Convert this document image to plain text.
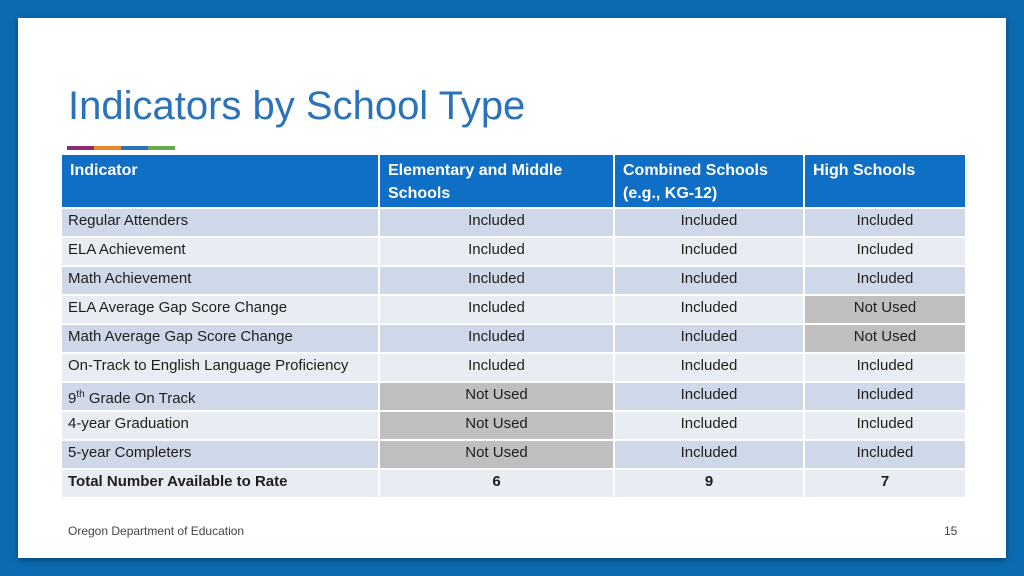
Indicators by School Type
Indicator	Elementary and Middle Schools	Combined Schools (e.g., KG-12)	High Schools
Regular Attenders	Included	Included	Included
ELA Achievement	Included	Included	Included
Math Achievement	Included	Included	Included
ELA Average Gap Score Change	Included	Included	Not Used
Math Average Gap Score Change	Included	Included	Not Used
On-Track to English Language Proficiency	Included	Included	Included
9th Grade On Track	Not Used	Included	Included
4-year Graduation	Not Used	Included	Included
5-year Completers	Not Used	Included	Included
Total Number Available to Rate	6	9	7
Oregon Department of Education	15
